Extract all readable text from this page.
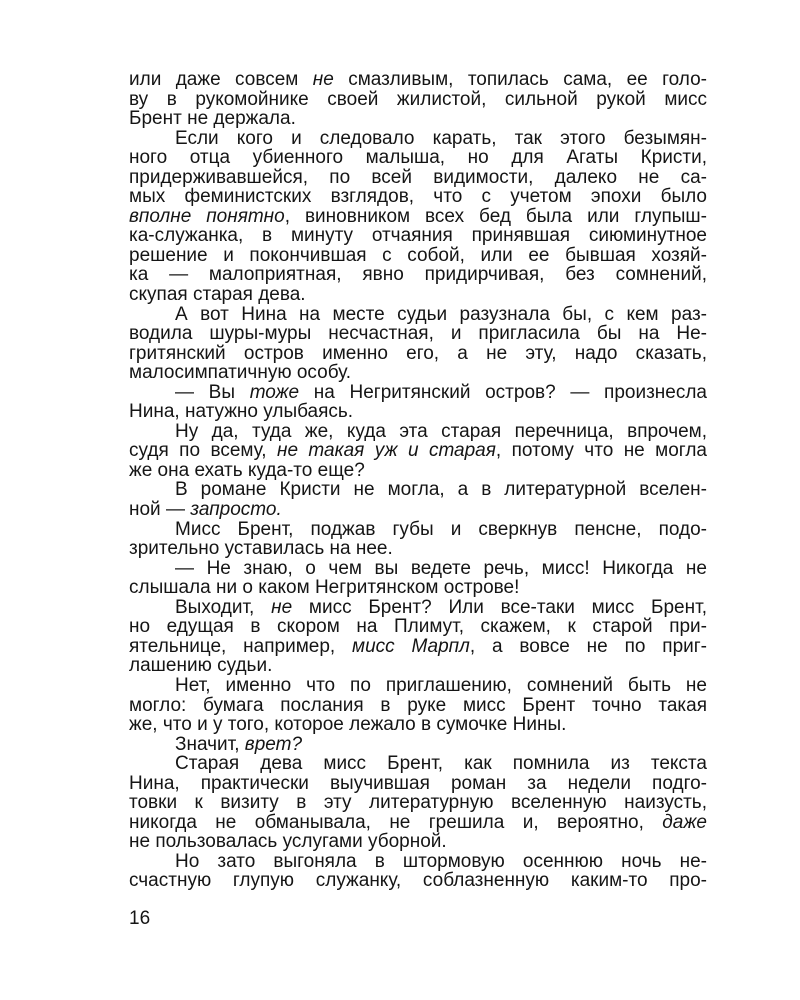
или даже совсем не смазливым, топилась сама, ее голо-
ву в рукомойнике своей жилистой, сильной рукой мисс
Брент не держала.
Если кого и следовало карать, так этого безымян-
ного отца убиенного малыша, но для Агаты Кристи,
придерживавшейся, по всей видимости, далеко не са-
мых феминистских взглядов, что с учетом эпохи было
вполне понятно, виновником всех бед была или глупыш-
ка-служанка, в минуту отчаяния принявшая сиюминутное
решение и покончившая с собой, или ее бывшая хозяй-
ка — малоприятная, явно придирчивая, без сомнений,
скупая старая дева.
А вот Нина на месте судьи разузнала бы, с кем раз-
водила шуры-муры несчастная, и пригласила бы на Не-
гритянский остров именно его, а не эту, надо сказать,
малосимпатичную особу.
— Вы тоже на Негритянский остров? — произнесла
Нина, натужно улыбаясь.
Ну да, туда же, куда эта старая перечница, впрочем,
судя по всему, не такая уж и старая, потому что не могла
же она ехать куда-то еще?
В романе Кристи не могла, а в литературной вселен-
ной — запросто.
Мисс Брент, поджав губы и сверкнув пенсне, подо-
зрительно уставилась на нее.
— Не знаю, о чем вы ведете речь, мисс! Никогда не
слышала ни о каком Негритянском острове!
Выходит, не мисс Брент? Или все-таки мисс Брент,
но едущая в скором на Плимут, скажем, к старой при-
ятельнице, например, мисс Марпл, а вовсе не по приг-
лашению судьи.
Нет, именно что по приглашению, сомнений быть не
могло: бумага послания в руке мисс Брент точно такая
же, что и у того, которое лежало в сумочке Нины.
Значит, врет?
Старая дева мисс Брент, как помнила из текста
Нина, практически выучившая роман за недели подго-
товки к визиту в эту литературную вселенную наизусть,
никогда не обманывала, не грешила и, вероятно, даже
не пользовалась услугами уборной.
Но зато выгоняла в штормовую осеннюю ночь не-
счастную глупую служанку, соблазненную каким-то про-
16
